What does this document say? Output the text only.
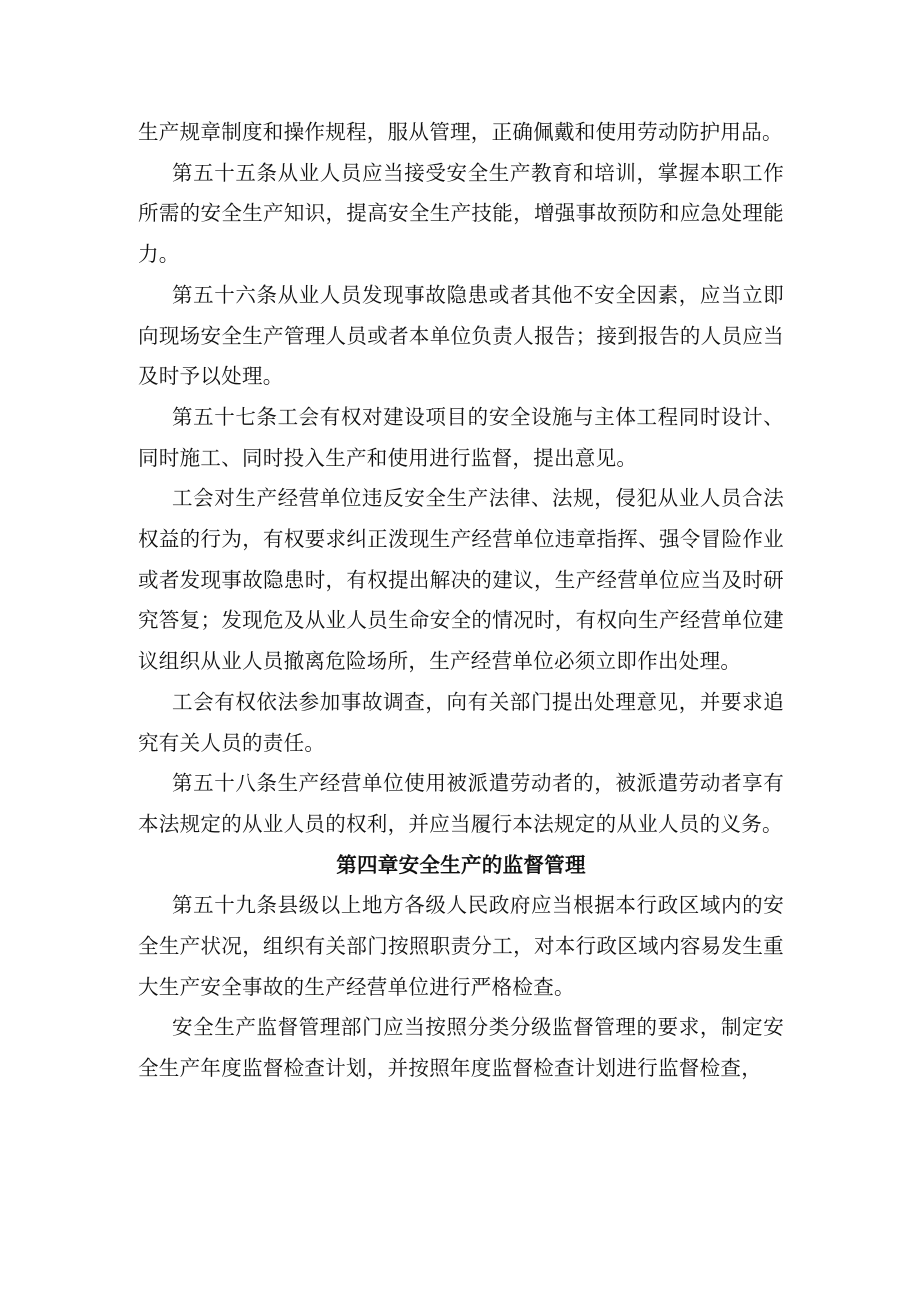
生产规章制度和操作规程，服从管理，正确佩戴和使用劳动防护用品。

第五十五条从业人员应当接受安全生产教育和培训，掌握本职工作所需的安全生产知识，提高安全生产技能，增强事故预防和应急处理能力。

第五十六条从业人员发现事故隐患或者其他不安全因素，应当立即向现场安全生产管理人员或者本单位负责人报告；接到报告的人员应当及时予以处理。

第五十七条工会有权对建设项目的安全设施与主体工程同时设计、同时施工、同时投入生产和使用进行监督，提出意见。

工会对生产经营单位违反安全生产法律、法规，侵犯从业人员合法权益的行为，有权要求纠正泼现生产经营单位违章指挥、强令冒险作业或者发现事故隐患时，有权提出解决的建议，生产经营单位应当及时研究答复；发现危及从业人员生命安全的情况时，有权向生产经营单位建议组织从业人员撤离危险场所，生产经营单位必须立即作出处理。

工会有权依法参加事故调查，向有关部门提出处理意见，并要求追究有关人员的责任。

第五十八条生产经营单位使用被派遣劳动者的，被派遣劳动者享有本法规定的从业人员的权利，并应当履行本法规定的从业人员的义务。

第四章安全生产的监督管理

第五十九条县级以上地方各级人民政府应当根据本行政区域内的安全生产状况，组织有关部门按照职责分工，对本行政区域内容易发生重大生产安全事故的生产经营单位进行严格检查。

安全生产监督管理部门应当按照分类分级监督管理的要求，制定安全生产年度监督检查计划，并按照年度监督检查计划进行监督检查，
